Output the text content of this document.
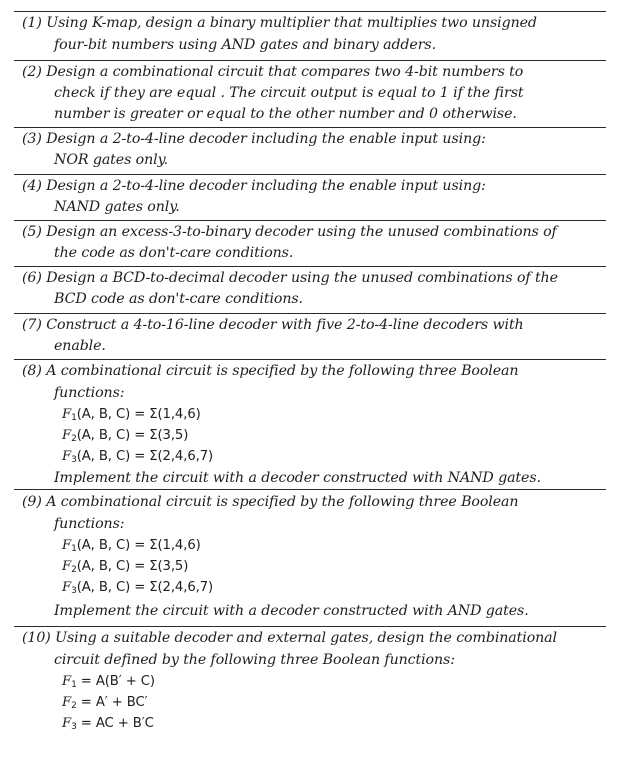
(1) Using K-map, design a binary multiplier that multiplies two unsigned
four-bit numbers using AND gates and binary adders.
(2) Design a combinational circuit that compares two 4-bit numbers to
check if they are equal . The circuit output is equal to 1 if the first
number is greater or equal to the other number and 0 otherwise.
(3) Design a 2-to-4-line decoder including the enable input using:
NOR gates only.
(4) Design a 2-to-4-line decoder including the enable input using:
NAND gates only.
(5) Design an excess-3-to-binary decoder using the unused combinations of
the code as don't-care conditions.
(6) Design a BCD-to-decimal decoder using the unused combinations of the
BCD code as don't-care conditions.
(7) Construct a 4-to-16-line decoder with five 2-to-4-line decoders with
enable.
(8) A combinational circuit is specified by the following three Boolean
functions:
$F_1(A$, B, C) = Σ(1,4,6)
$F_2(A$, B, C) = Σ(3,5)
$F_3(A$, B, C) = Σ(2,4,6,7)
Implement the circuit with a decoder constructed with NAND gates.
(9) A combinational circuit is specified by the following three Boolean
functions:
$F_1(A$, B, C) = Σ(1,4,6)
$F_2(A$, B, C) = Σ(3,5)
$F_3(A$, B, C) = Σ(2,4,6,7)
Implement the circuit with a decoder constructed with AND gates.
(10) Using a suitable decoder and external gates, design the combinational
circuit defined by the following three Boolean functions:
$F_1 = A(B' + C)$
$F_2 = A' + BC'$
$F_3$ = AC + B′C
